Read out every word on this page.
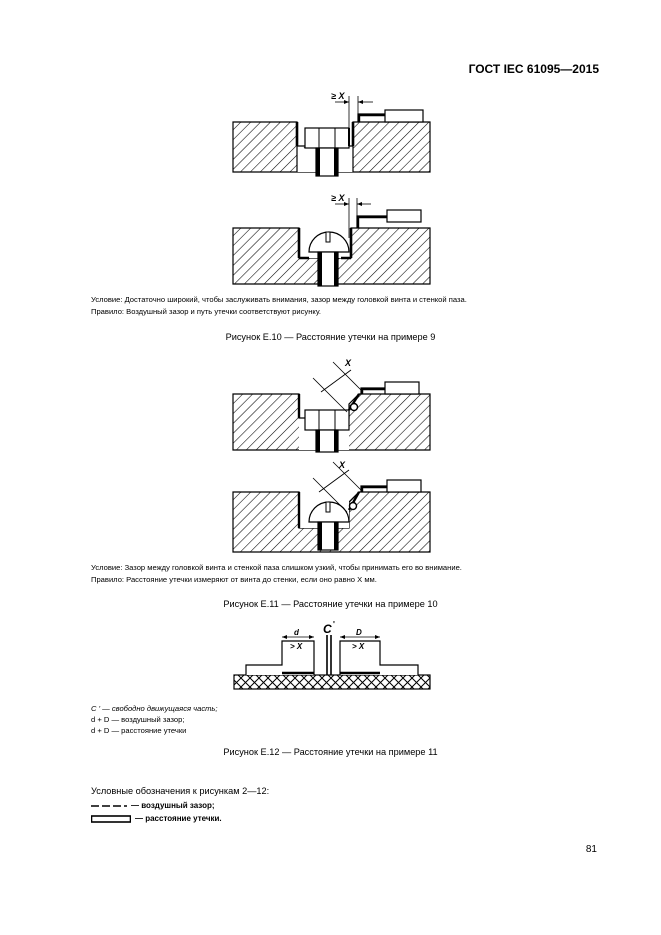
ГОСТ IEC 61095—2015
≥ X
≥ X
Условие: Достаточно широкий, чтобы заслуживать внимания, зазор между головкой винта и стенкой паза.
Правило: Воздушный зазор и путь утечки соответствуют рисунку.
Рисунок Е.10 — Расстояние утечки на примере 9
X
X
Условие: Зазор между головкой винта и стенкой паза слишком узкий, чтобы принимать его во внимание.
Правило: Расстояние утечки измеряют от винта до стенки, если оно равно X мм.
Рисунок Е.11 — Расстояние утечки на примере 10
d
> X
C '
D
> X
C ' — свободно движущаяся часть;
d + D — воздушный зазор;
d + D — расстояние утечки
Рисунок Е.12 — Расстояние утечки на примере 11
Условные обозначения к рисункам 2—12:
— воздушный зазор;
— расстояние утечки.
81
